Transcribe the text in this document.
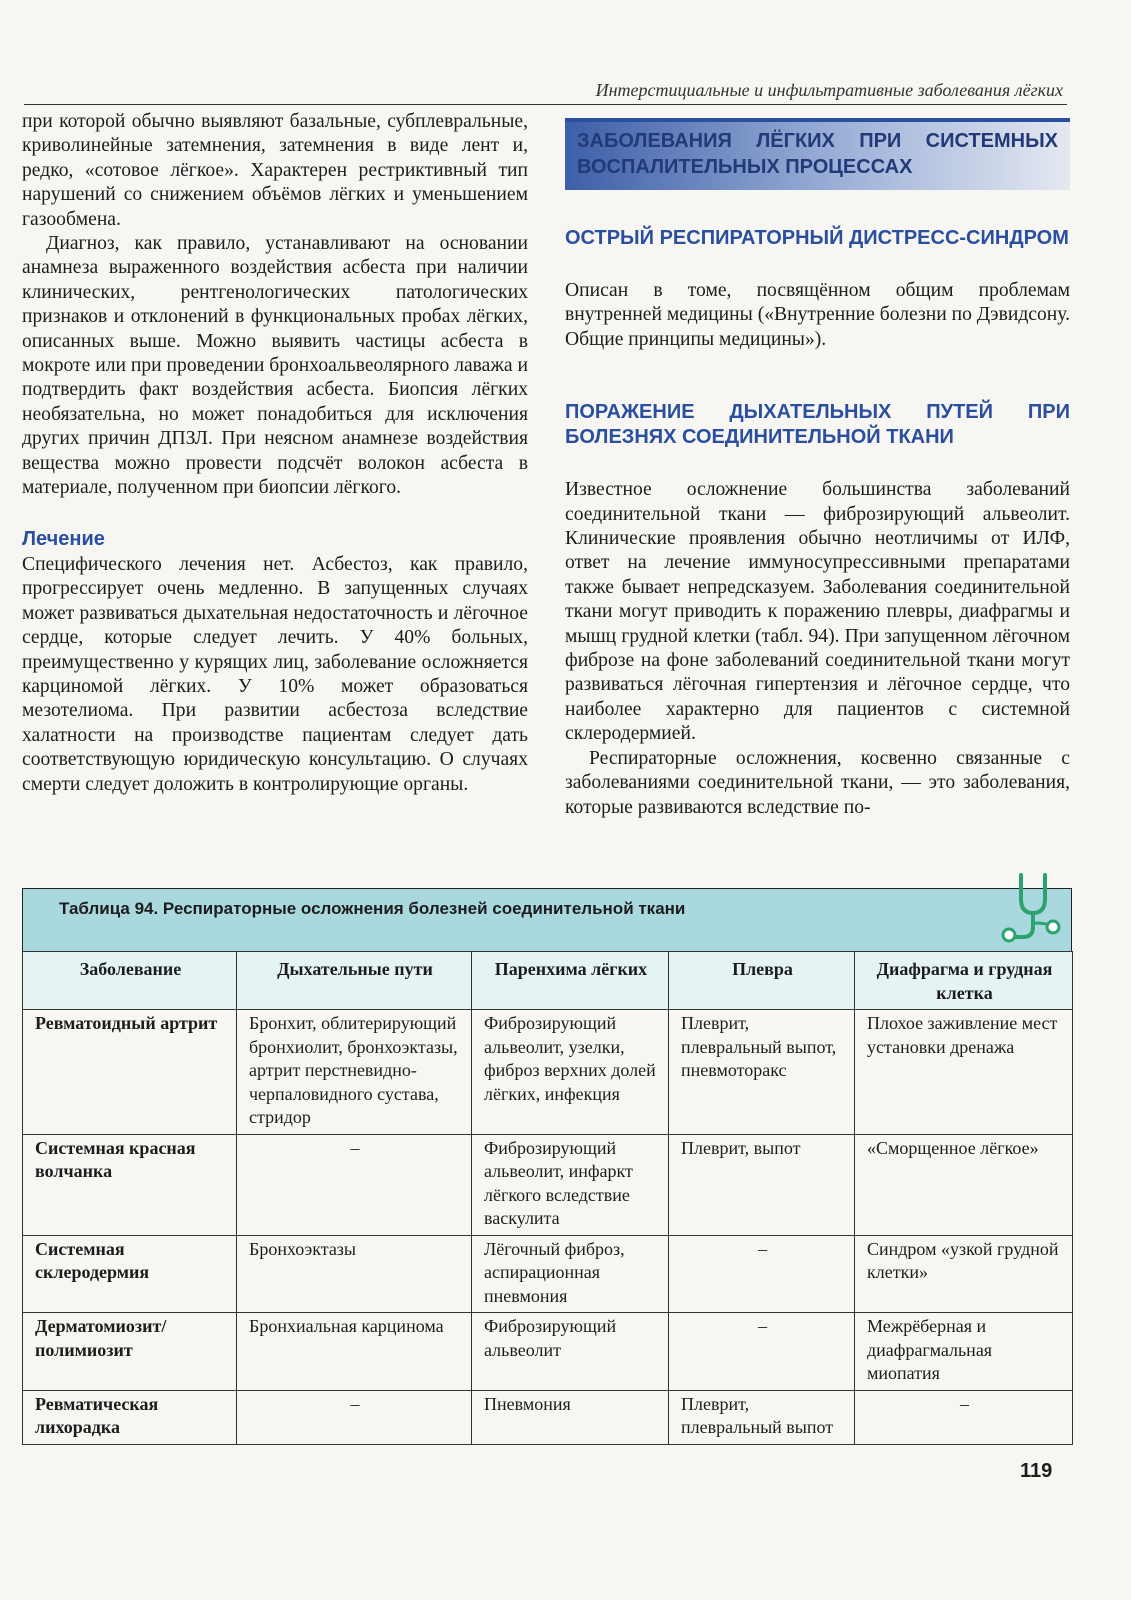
Интерстициальные и инфильтративные заболевания лёгких

при которой обычно выявляют базальные, субплевральные, криволинейные затемнения, затемнения в виде лент и, редко, «сотовое лёгкое». Характерен рестриктивный тип нарушений со снижением объёмов лёгких и уменьшением газообмена.

Диагноз, как правило, устанавливают на основании анамнеза выраженного воздействия асбеста при наличии клинических, рентгенологических патологических признаков и отклонений в функциональных пробах лёгких, описанных выше. Можно выявить частицы асбеста в мокроте или при проведении бронхоальвеолярного лаважа и подтвердить факт воздействия асбеста. Биопсия лёгких необязательна, но может понадобиться для исключения других причин ДПЗЛ. При неясном анамнезе воздействия вещества можно провести подсчёт волокон асбеста в материале, полученном при биопсии лёгкого.

Лечение

Специфического лечения нет. Асбестоз, как правило, прогрессирует очень медленно. В запущенных случаях может развиваться дыхательная недостаточность и лёгочное сердце, которые следует лечить. У 40% больных, преимущественно у курящих лиц, заболевание осложняется карциномой лёгких. У 10% может образоваться мезотелиома. При развитии асбестоза вследствие халатности на производстве пациентам следует дать соответствующую юридическую консультацию. О случаях смерти следует доложить в контролирующие органы.

ЗАБОЛЕВАНИЯ ЛЁГКИХ ПРИ СИСТЕМНЫХ ВОСПАЛИТЕЛЬНЫХ ПРОЦЕССАХ
ОСТРЫЙ РЕСПИРАТОРНЫЙ ДИСТРЕСС-СИНДРОМ

Описан в томе, посвящённом общим проблемам внутренней медицины («Внутренние болезни по Дэвидсону. Общие принципы медицины»).

ПОРАЖЕНИЕ ДЫХАТЕЛЬНЫХ ПУТЕЙ ПРИ БОЛЕЗНЯХ СОЕДИНИТЕЛЬНОЙ ТКАНИ

Известное осложнение большинства заболеваний соединительной ткани — фиброзирующий альвеолит. Клинические проявления обычно неотличимы от ИЛФ, ответ на лечение иммуносупрессивными препаратами также бывает непредсказуем. Заболевания соединительной ткани могут приводить к поражению плевры, диафрагмы и мышц грудной клетки (табл. 94). При запущенном лёгочном фиброзе на фоне заболеваний соединительной ткани могут развиваться лёгочная гипертензия и лёгочное сердце, что наиболее характерно для пациентов с системной склеродермией.

Респираторные осложнения, косвенно связанные с заболеваниями соединительной ткани, — это заболевания, которые развиваются вследствие по-

Таблица 94. Респираторные осложнения болезней соединительной ткани
Заболевание	Дыхательные пути	Паренхима лёгких	Плевра	Диафрагма и грудная клетка
Ревматоидный артрит	Бронхит, облитерирующий бронхиолит, бронхоэктазы, артрит перстневидно-черпаловидного сустава, стридор	Фиброзирующий альвеолит, узелки, фиброз верхних долей лёгких, инфекция	Плеврит, плевральный выпот, пневмоторакс	Плохое заживление мест установки дренажа
Системная красная волчанка	–	Фиброзирующий альвеолит, инфаркт лёгкого вследствие васкулита	Плеврит, выпот	«Сморщенное лёгкое»
Системная склеродермия	Бронхоэктазы	Лёгочный фиброз, аспирационная пневмония	–	Синдром «узкой грудной клетки»
Дерматомиозит/полимиозит	Бронхиальная карцинома	Фиброзирующий альвеолит	–	Межрёберная и диафрагмальная миопатия
Ревматическая лихорадка	–	Пневмония	Плеврит, плевральный выпот	–
119
